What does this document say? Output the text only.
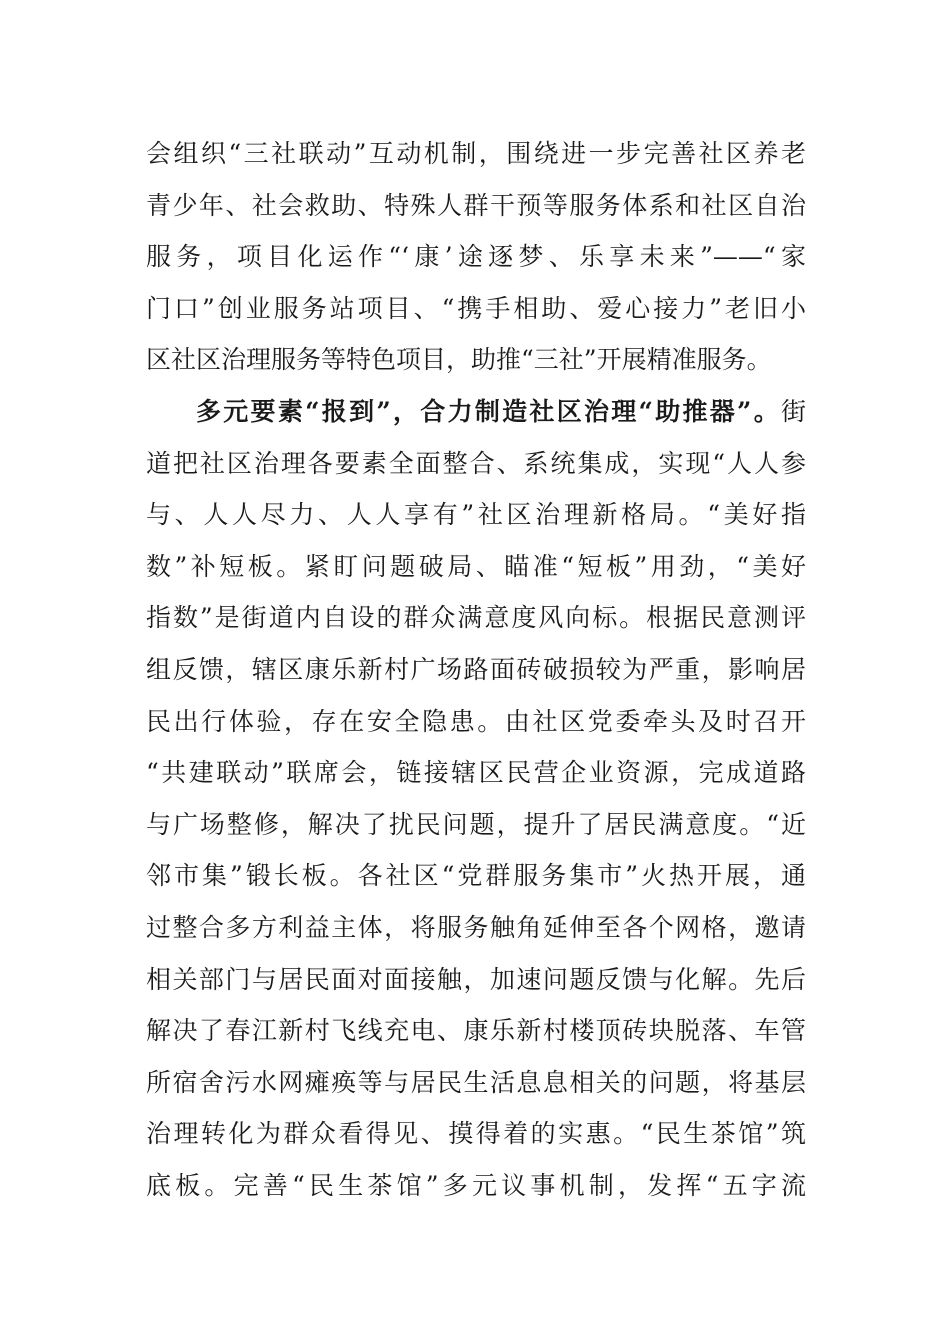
会组织“三社联动”互动机制，围绕进一步完善社区养老
青少年、社会救助、特殊人群干预等服务体系和社区自治
服务，项目化运作“‘康’途逐梦、乐享未来”——“家
门口”创业服务站项目、“携手相助、爱心接力”老旧小
区社区治理服务等特色项目，助推“三社”开展精准服务。
多元要素“报到”，合力制造社区治理“助推器”。街
道把社区治理各要素全面整合、系统集成，实现“人人参
与、人人尽力、人人享有”社区治理新格局。“美好指
数”补短板。紧盯问题破局、瞄准“短板”用劲，“美好
指数”是街道内自设的群众满意度风向标。根据民意测评
组反馈，辖区康乐新村广场路面砖破损较为严重，影响居
民出行体验，存在安全隐患。由社区党委牵头及时召开
“共建联动”联席会，链接辖区民营企业资源，完成道路
与广场整修，解决了扰民问题，提升了居民满意度。“近
邻市集”锻长板。各社区“党群服务集市”火热开展，通
过整合多方利益主体，将服务触角延伸至各个网格，邀请
相关部门与居民面对面接触，加速问题反馈与化解。先后
解决了春江新村飞线充电、康乐新村楼顶砖块脱落、车管
所宿舍污水网瘫痪等与居民生活息息相关的问题，将基层
治理转化为群众看得见、摸得着的实惠。“民生茶馆”筑
底板。完善“民生茶馆”多元议事机制，发挥“五字流
